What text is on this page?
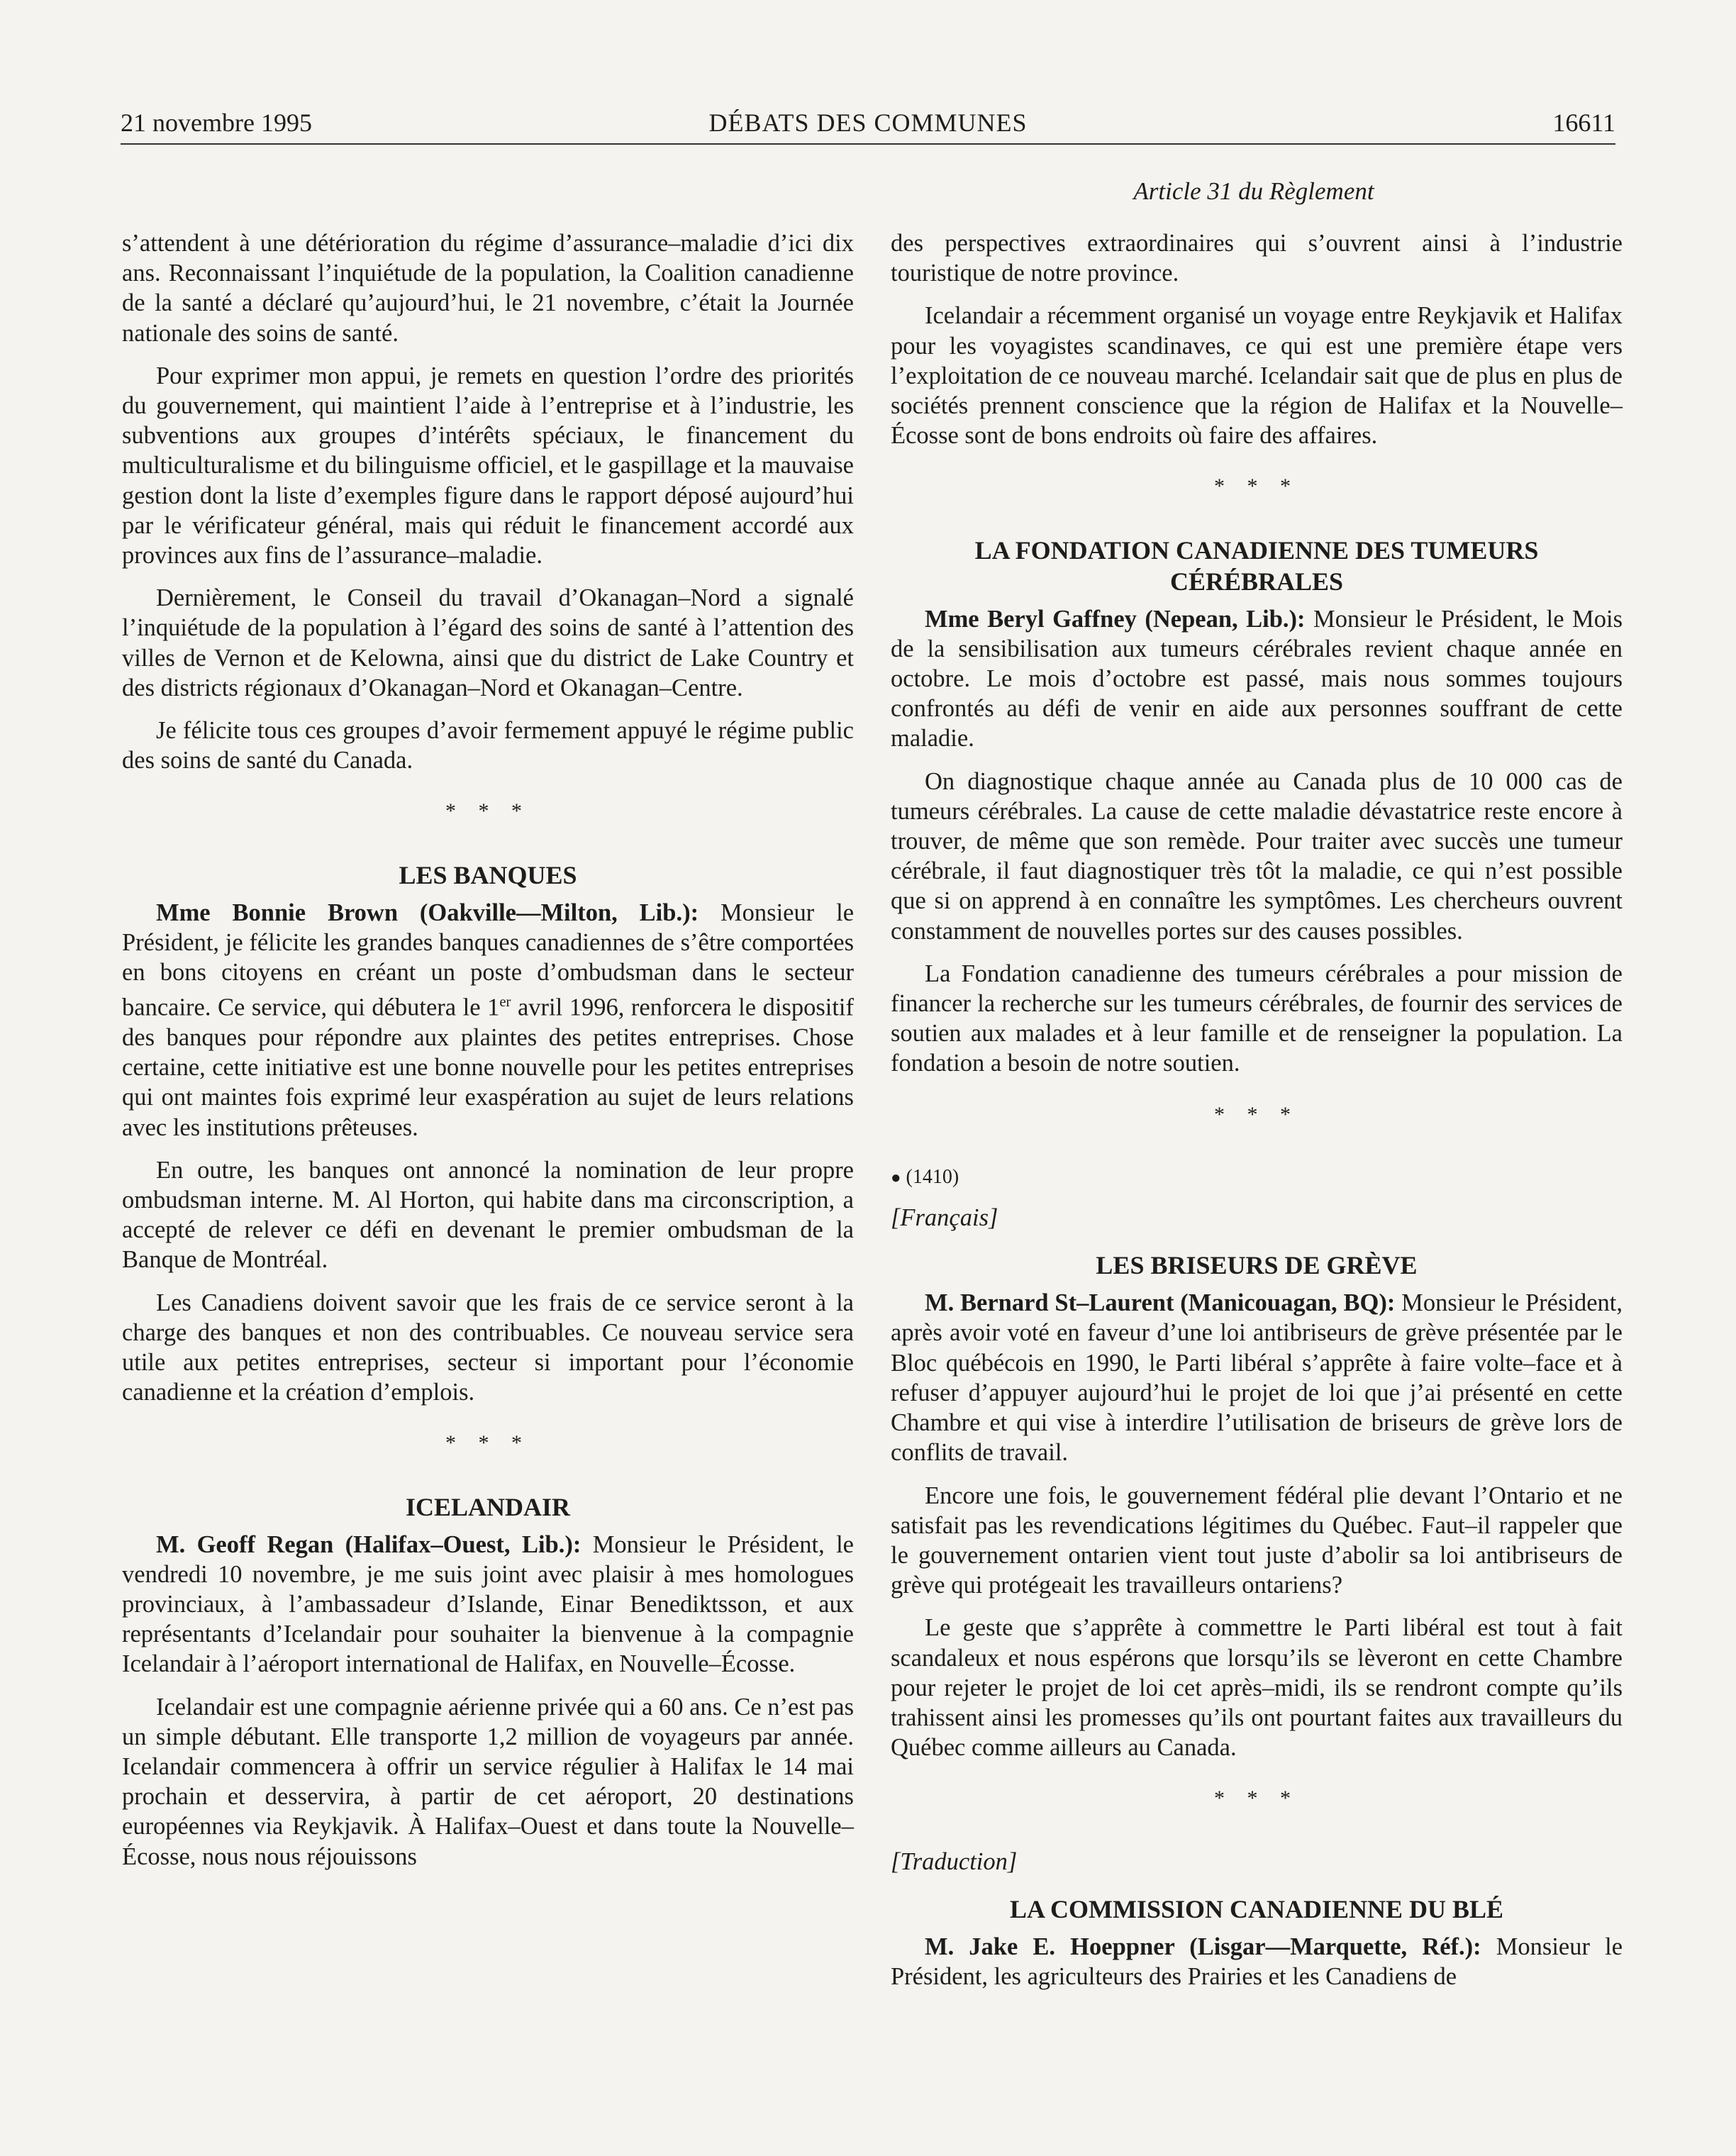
21 novembre 1995	DÉBATS DES COMMUNES	16611
Article 31 du Règlement

s’attendent à une détérioration du régime d’assurance–maladie d’ici dix ans. Reconnaissant l’inquiétude de la population, la Coalition canadienne de la santé a déclaré qu’aujourd’hui, le 21 novembre, c’était la Journée nationale des soins de santé.

Pour exprimer mon appui, je remets en question l’ordre des priorités du gouvernement, qui maintient l’aide à l’entreprise et à l’industrie, les subventions aux groupes d’intérêts spéciaux, le financement du multiculturalisme et du bilinguisme officiel, et le gaspillage et la mauvaise gestion dont la liste d’exemples figure dans le rapport déposé aujourd’hui par le vérificateur général, mais qui réduit le financement accordé aux provinces aux fins de l’assurance–maladie.

Dernièrement, le Conseil du travail d’Okanagan–Nord a signalé l’inquiétude de la population à l’égard des soins de santé à l’attention des villes de Vernon et de Kelowna, ainsi que du district de Lake Country et des districts régionaux d’Okanagan–Nord et Okanagan–Centre.

Je félicite tous ces groupes d’avoir fermement appuyé le régime public des soins de santé du Canada.

* * *
LES BANQUES

Mme Bonnie Brown (Oakville—Milton, Lib.): Monsieur le Président, je félicite les grandes banques canadiennes de s’être comportées en bons citoyens en créant un poste d’ombudsman dans le secteur bancaire. Ce service, qui débutera le 1er avril 1996, renforcera le dispositif des banques pour répondre aux plaintes des petites entreprises. Chose certaine, cette initiative est une bonne nouvelle pour les petites entreprises qui ont maintes fois exprimé leur exaspération au sujet de leurs relations avec les institutions prêteuses.

En outre, les banques ont annoncé la nomination de leur propre ombudsman interne. M. Al Horton, qui habite dans ma circonscription, a accepté de relever ce défi en devenant le premier ombudsman de la Banque de Montréal.

Les Canadiens doivent savoir que les frais de ce service seront à la charge des banques et non des contribuables. Ce nouveau service sera utile aux petites entreprises, secteur si important pour l’économie canadienne et la création d’emplois.

* * *
ICELANDAIR

M. Geoff Regan (Halifax–Ouest, Lib.): Monsieur le Président, le vendredi 10 novembre, je me suis joint avec plaisir à mes homologues provinciaux, à l’ambassadeur d’Islande, Einar Benediktsson, et aux représentants d’Icelandair pour souhaiter la bienvenue à la compagnie Icelandair à l’aéroport international de Halifax, en Nouvelle–Écosse.

Icelandair est une compagnie aérienne privée qui a 60 ans. Ce n’est pas un simple débutant. Elle transporte 1,2 million de voyageurs par année. Icelandair commencera à offrir un service régulier à Halifax le 14 mai prochain et desservira, à partir de cet aéroport, 20 destinations européennes via Reykjavik. À Halifax–Ouest et dans toute la Nouvelle–Écosse, nous nous réjouissons

des perspectives extraordinaires qui s’ouvrent ainsi à l’industrie touristique de notre province.

Icelandair a récemment organisé un voyage entre Reykjavik et Halifax pour les voyagistes scandinaves, ce qui est une première étape vers l’exploitation de ce nouveau marché. Icelandair sait que de plus en plus de sociétés prennent conscience que la région de Halifax et la Nouvelle–Écosse sont de bons endroits où faire des affaires.

* * *
LA FONDATION CANADIENNE DES TUMEURS CÉRÉBRALES

Mme Beryl Gaffney (Nepean, Lib.): Monsieur le Président, le Mois de la sensibilisation aux tumeurs cérébrales revient chaque année en octobre. Le mois d’octobre est passé, mais nous sommes toujours confrontés au défi de venir en aide aux personnes souffrant de cette maladie.

On diagnostique chaque année au Canada plus de 10 000 cas de tumeurs cérébrales. La cause de cette maladie dévastatrice reste encore à trouver, de même que son remède. Pour traiter avec succès une tumeur cérébrale, il faut diagnostiquer très tôt la maladie, ce qui n’est possible que si on apprend à en connaître les symptômes. Les chercheurs ouvrent constamment de nouvelles portes sur des causes possibles.

La Fondation canadienne des tumeurs cérébrales a pour mission de financer la recherche sur les tumeurs cérébrales, de fournir des services de soutien aux malades et à leur famille et de renseigner la population. La fondation a besoin de notre soutien.

* * *
● (1410)
[Français]
LES BRISEURS DE GRÈVE

M. Bernard St–Laurent (Manicouagan, BQ): Monsieur le Président, après avoir voté en faveur d’une loi antibriseurs de grève présentée par le Bloc québécois en 1990, le Parti libéral s’apprête à faire volte–face et à refuser d’appuyer aujourd’hui le projet de loi que j’ai présenté en cette Chambre et qui vise à interdire l’utilisation de briseurs de grève lors de conflits de travail.

Encore une fois, le gouvernement fédéral plie devant l’Ontario et ne satisfait pas les revendications légitimes du Québec. Faut–il rappeler que le gouvernement ontarien vient tout juste d’abolir sa loi antibriseurs de grève qui protégeait les travailleurs ontariens?

Le geste que s’apprête à commettre le Parti libéral est tout à fait scandaleux et nous espérons que lorsqu’ils se lèveront en cette Chambre pour rejeter le projet de loi cet après–midi, ils se rendront compte qu’ils trahissent ainsi les promesses qu’ils ont pourtant faites aux travailleurs du Québec comme ailleurs au Canada.

* * *
[Traduction]
LA COMMISSION CANADIENNE DU BLÉ

M. Jake E. Hoeppner (Lisgar—Marquette, Réf.): Monsieur le Président, les agriculteurs des Prairies et les Canadiens de
